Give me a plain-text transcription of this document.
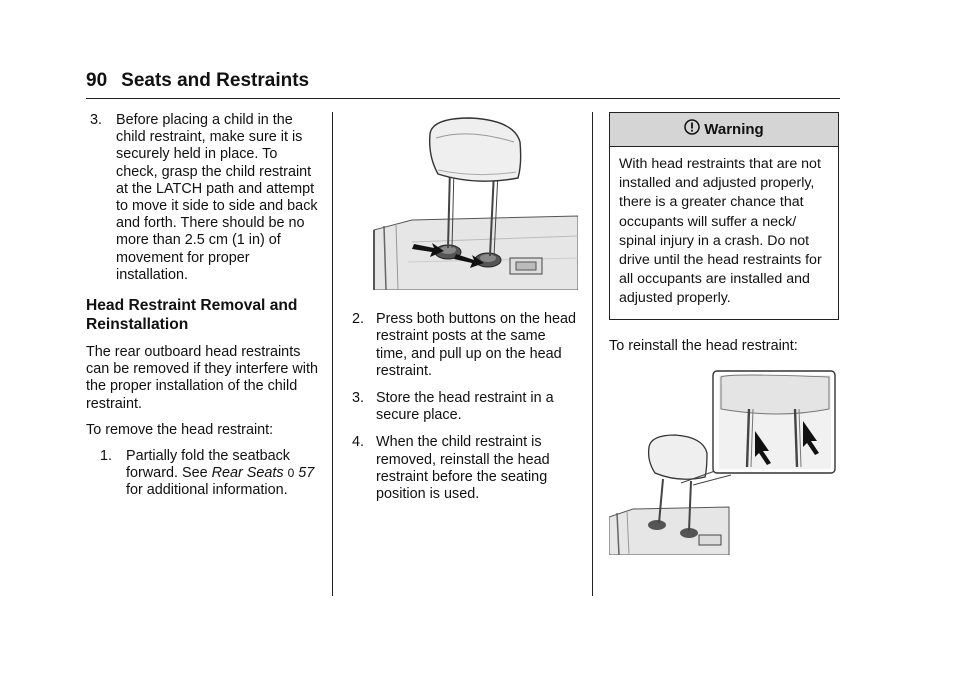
90 Seats and Restraints
3. Before placing a child in the child restraint, make sure it is securely held in place. To check, grasp the child restraint at the LATCH path and attempt to move it side to side and back and forth. There should be no more than 2.5 cm (1 in) of movement for proper installation.
Head Restraint Removal and Reinstallation

The rear outboard head restraints can be removed if they interfere with the proper installation of the child restraint.

To remove the head restraint:

1. Partially fold the seatback forward. See Rear Seats 0 57 for additional information.
2. Press both buttons on the head restraint posts at the same time, and pull up on the head restraint.
3. Store the head restraint in a secure place.
4. When the child restraint is removed, reinstall the head restraint before the seating position is used.
Warning
With head restraints that are not installed and adjusted properly, there is a greater chance that occupants will suffer a neck/ spinal injury in a crash. Do not drive until the head restraints for all occupants are installed and adjusted properly.

To reinstall the head restraint:
